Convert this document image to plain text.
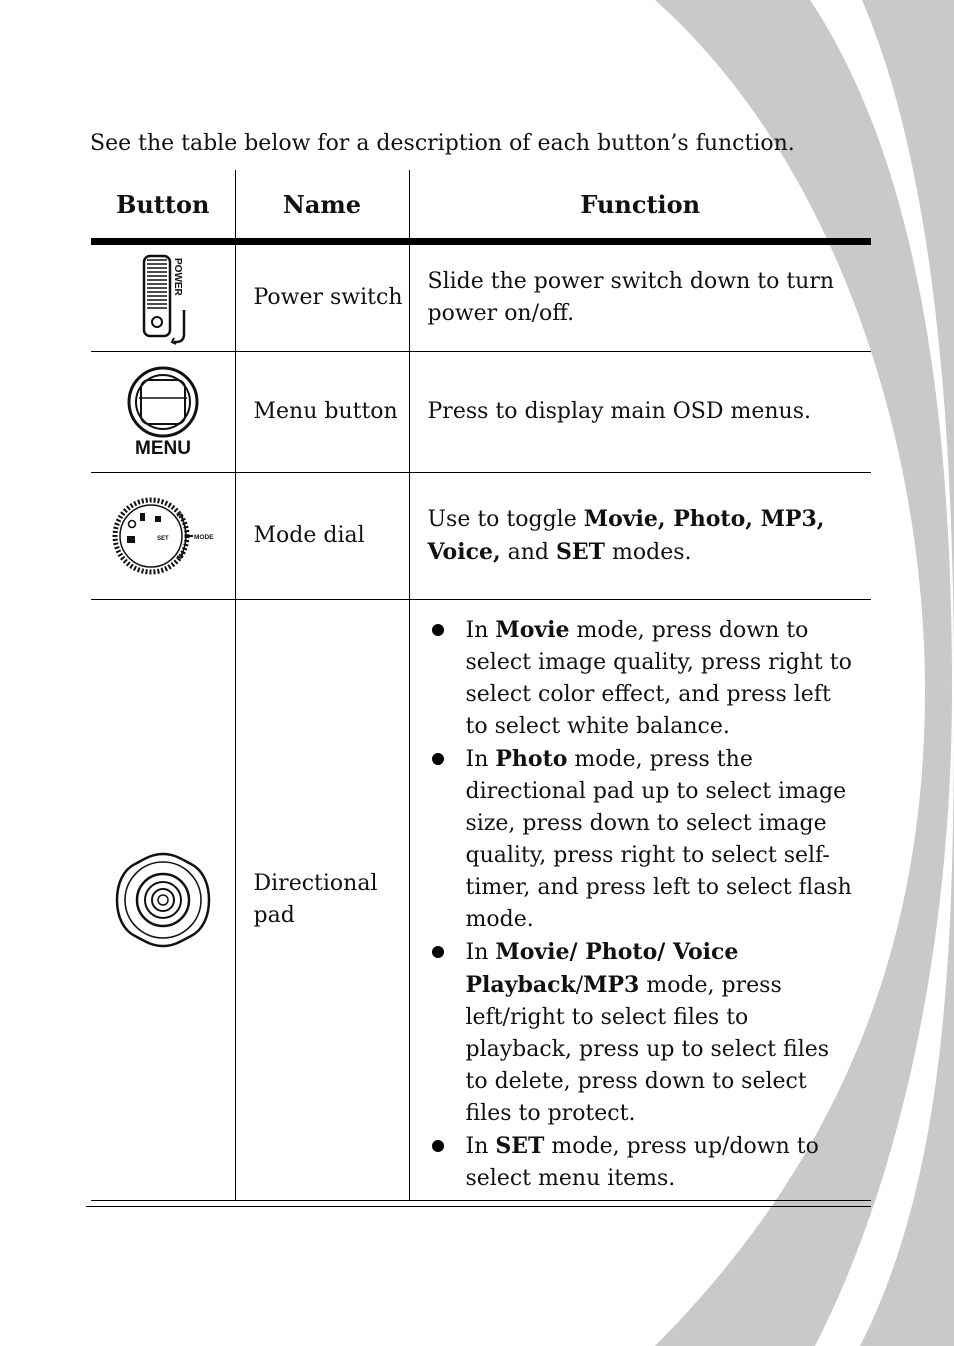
See the table below for a description of each button’s function.

Button	Name	Function

POWER	Power switch	Slide the power switch down to turn power on/off.

MENU	Menu button	Press to display main OSD menus.

SET MODE	Mode dial	Use to toggle Movie, Photo, MP3, Voice, and SET modes.

	Directional pad	In Movie mode, press down to select image quality, press right to select color effect, and press left to select white balance.
In Photo mode, press the directional pad up to select image size, press down to select image quality, press right to select self-timer, and press left to select flash mode.
In Movie/ Photo/ Voice Playback/MP3 mode, press left/right to select files to playback, press up to select files to delete, press down to select files to protect.
In SET mode, press up/down to select menu items.
